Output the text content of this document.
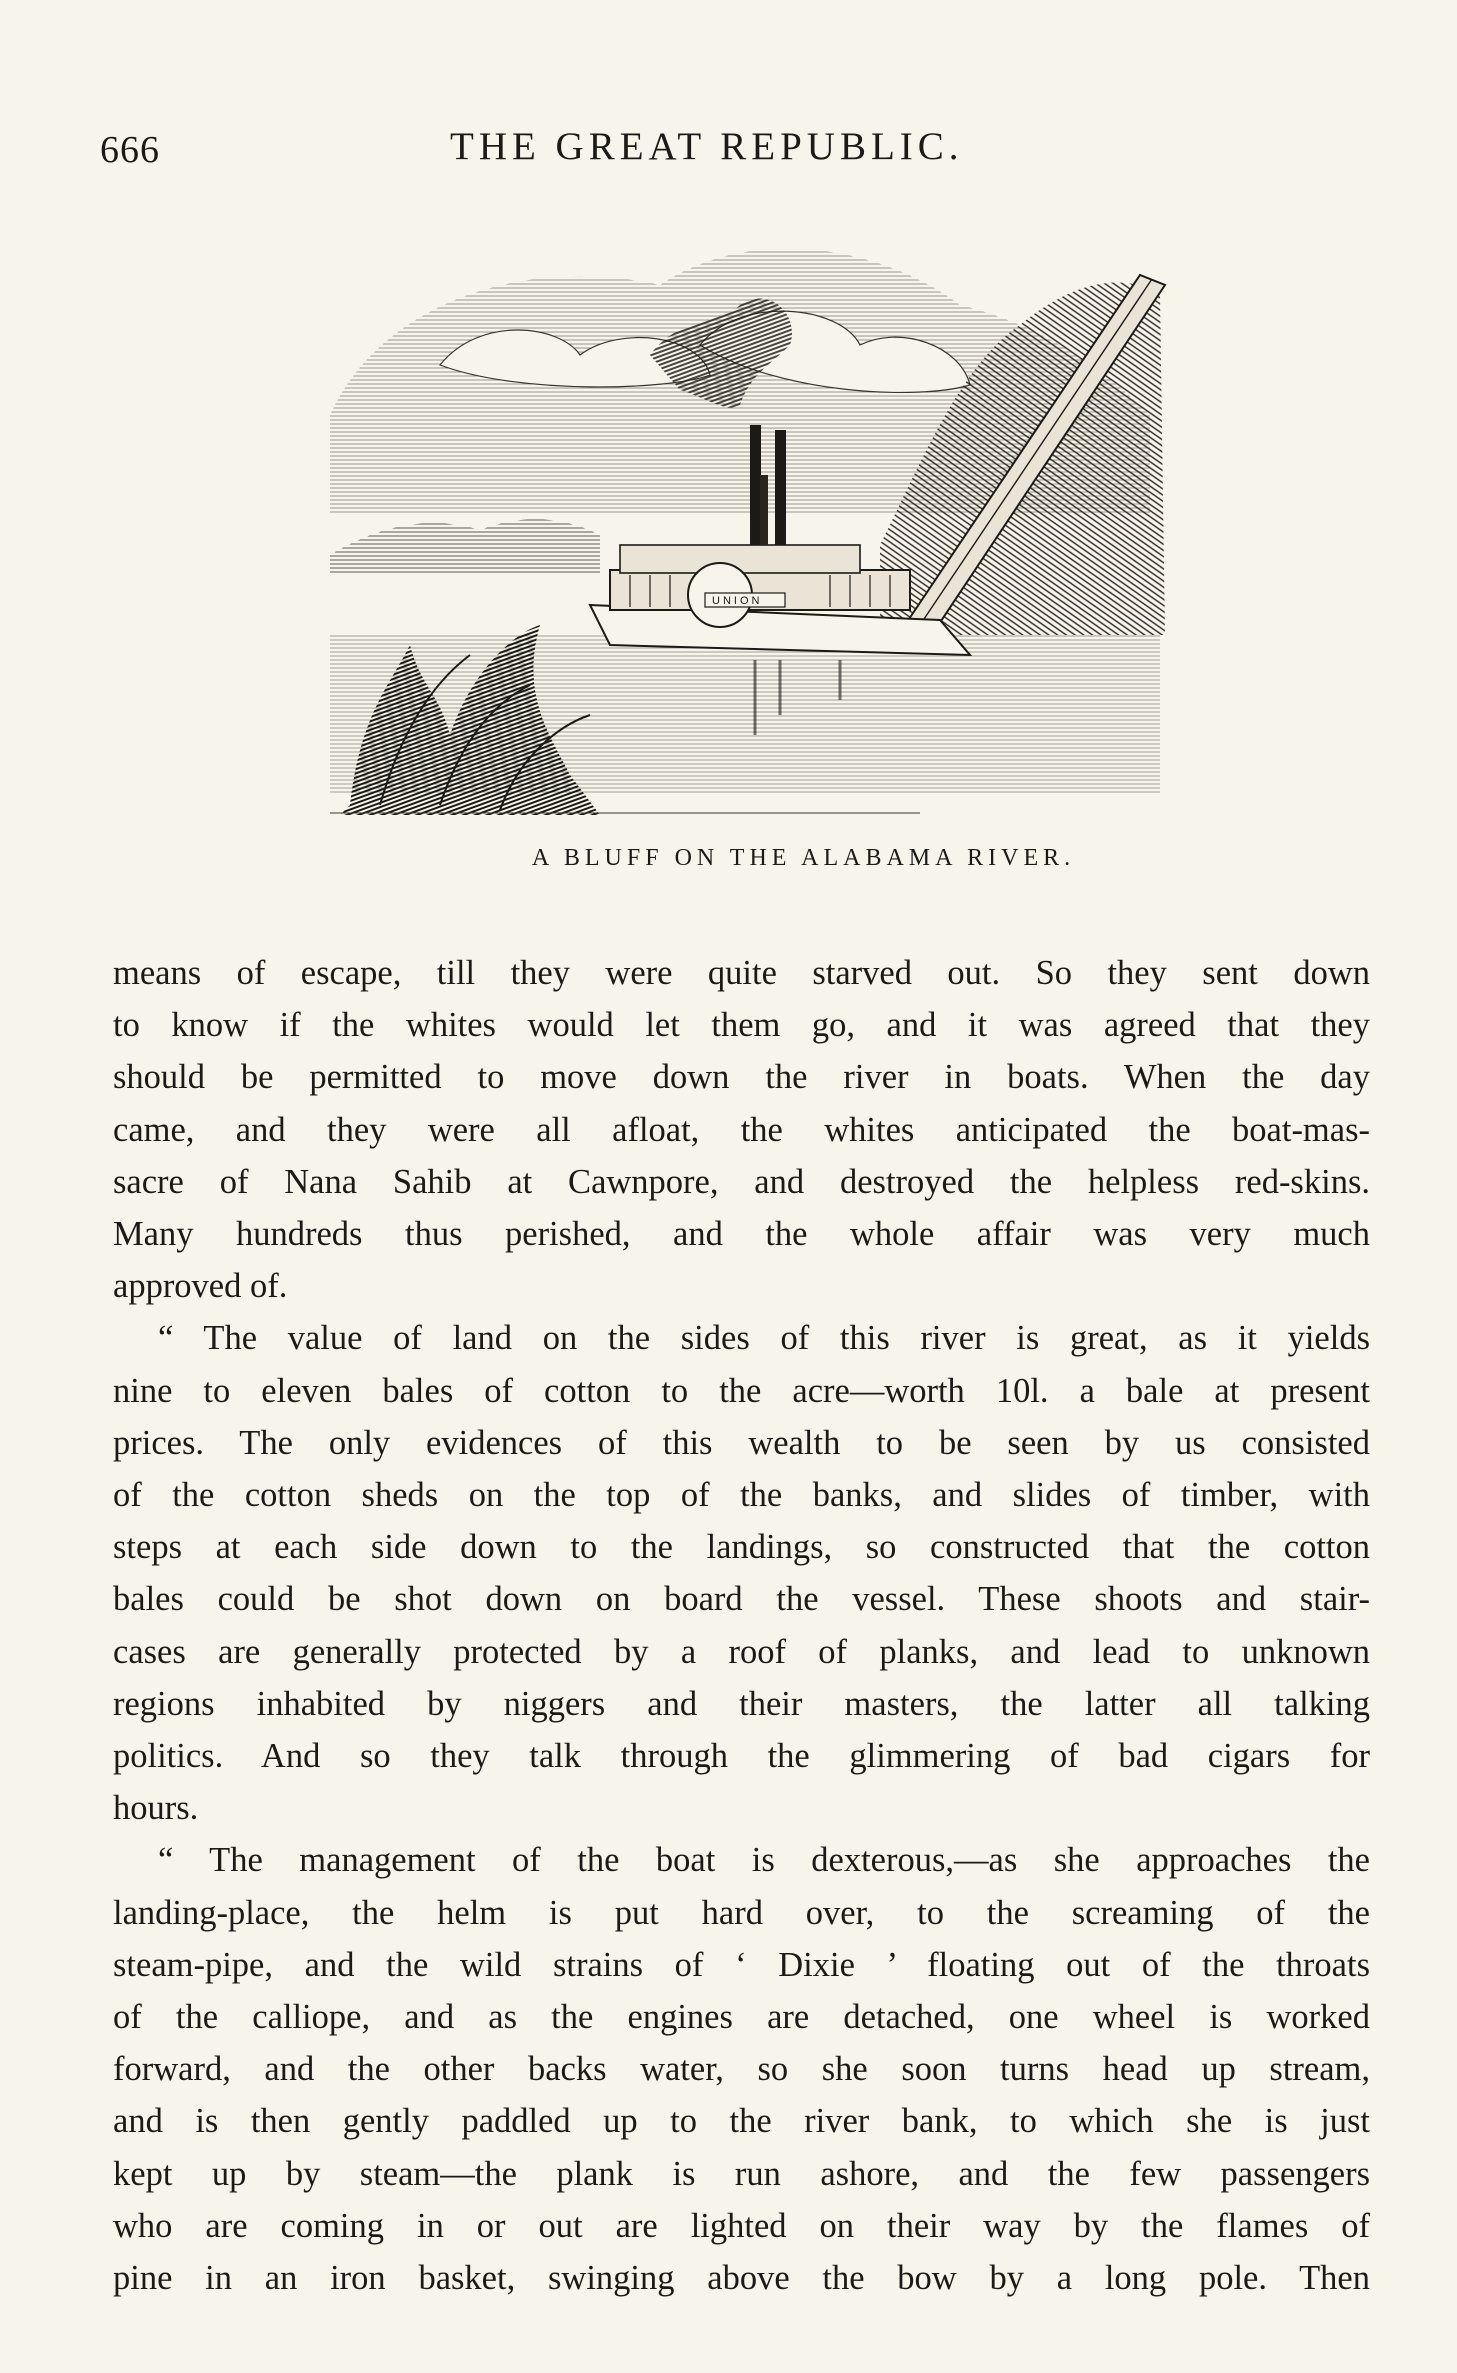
666	THE GREAT REPUBLIC.
UNION
A BLUFF ON THE ALABAMA RIVER.
means of escape, till they were quite starved out. So they sent down
to know if the whites would let them go, and it was agreed that they
should be permitted to move down the river in boats. When the day
came, and they were all afloat, the whites anticipated the boat-mas-
sacre of Nana Sahib at Cawnpore, and destroyed the helpless red-skins.
Many hundreds thus perished, and the whole affair was very much
approved of.
“ The value of land on the sides of this river is great, as it yields
nine to eleven bales of cotton to the acre—worth 10l. a bale at present
prices. The only evidences of this wealth to be seen by us consisted
of the cotton sheds on the top of the banks, and slides of timber, with
steps at each side down to the landings, so constructed that the cotton
bales could be shot down on board the vessel. These shoots and stair-
cases are generally protected by a roof of planks, and lead to unknown
regions inhabited by niggers and their masters, the latter all talking
politics. And so they talk through the glimmering of bad cigars for
hours.
“ The management of the boat is dexterous,—as she approaches the
landing-place, the helm is put hard over, to the screaming of the
steam-pipe, and the wild strains of ‘ Dixie ’ floating out of the throats
of the calliope, and as the engines are detached, one wheel is worked
forward, and the other backs water, so she soon turns head up stream,
and is then gently paddled up to the river bank, to which she is just
kept up by steam—the plank is run ashore, and the few passengers
who are coming in or out are lighted on their way by the flames of
pine in an iron basket, swinging above the bow by a long pole. Then
